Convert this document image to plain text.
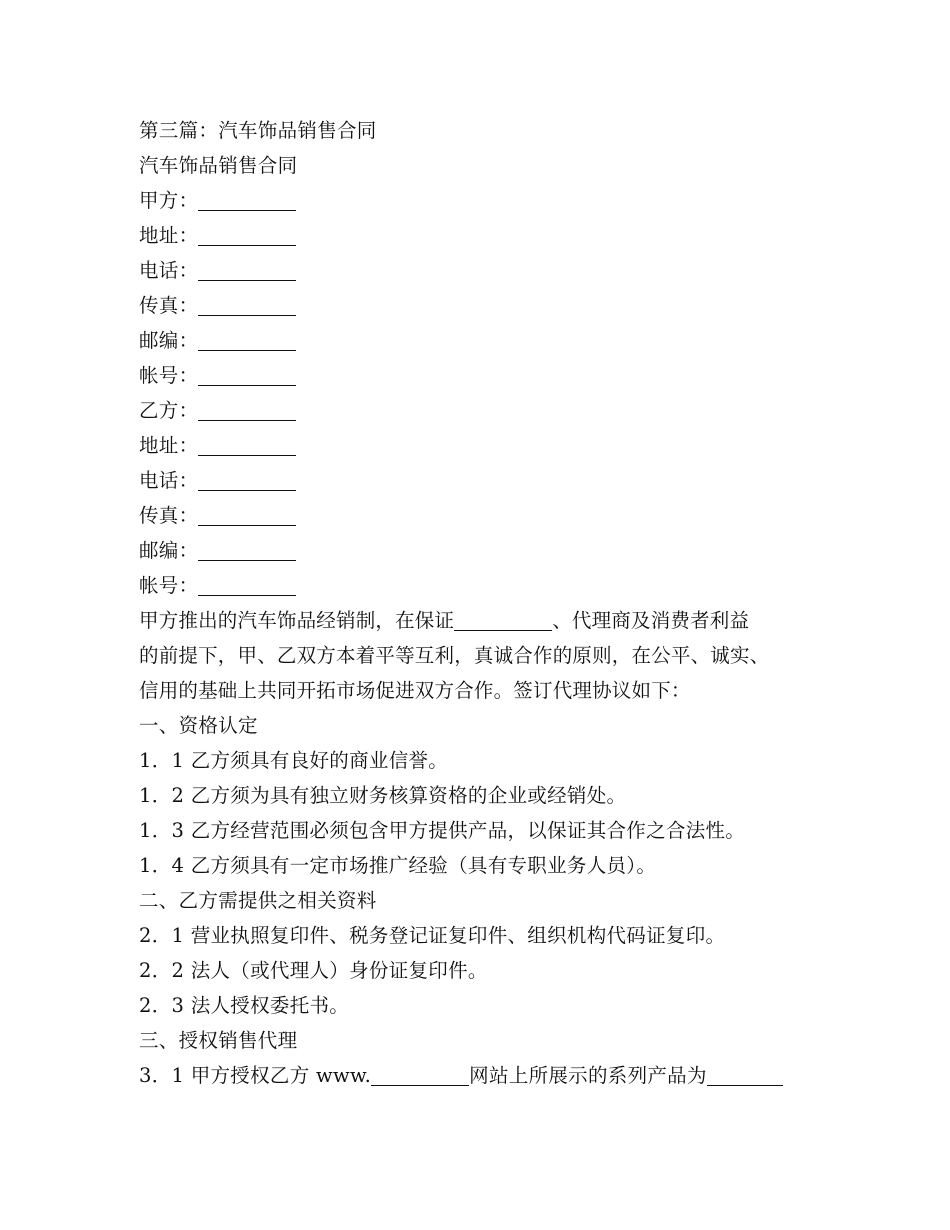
第三篇：汽车饰品销售合同
汽车饰品销售合同
甲方：
地址：
电话：
传真：
邮编：
帐号：
乙方：
地址：
电话：
传真：
邮编：
帐号：
甲方推出的汽车饰品经销制，在保证	、代理商及消费者利益
的前提下，甲、乙双方本着平等互利，真诚合作的原则，在公平、诚实、
信用的基础上共同开拓市场促进双方合作。签订代理协议如下：
一、资格认定
1．1 乙方须具有良好的商业信誉。
1．2 乙方须为具有独立财务核算资格的企业或经销处。
1．3 乙方经营范围必须包含甲方提供产品，以保证其合作之合法性。
1．4 乙方须具有一定市场推广经验（具有专职业务人员）。
二、乙方需提供之相关资料
2．1 营业执照复印件、税务登记证复印件、组织机构代码证复印。
2．2 法人（或代理人）身份证复印件。
2．3 法人授权委托书。
三、授权销售代理
3．1 甲方授权乙方 www.	网站上所展示的系列产品为
